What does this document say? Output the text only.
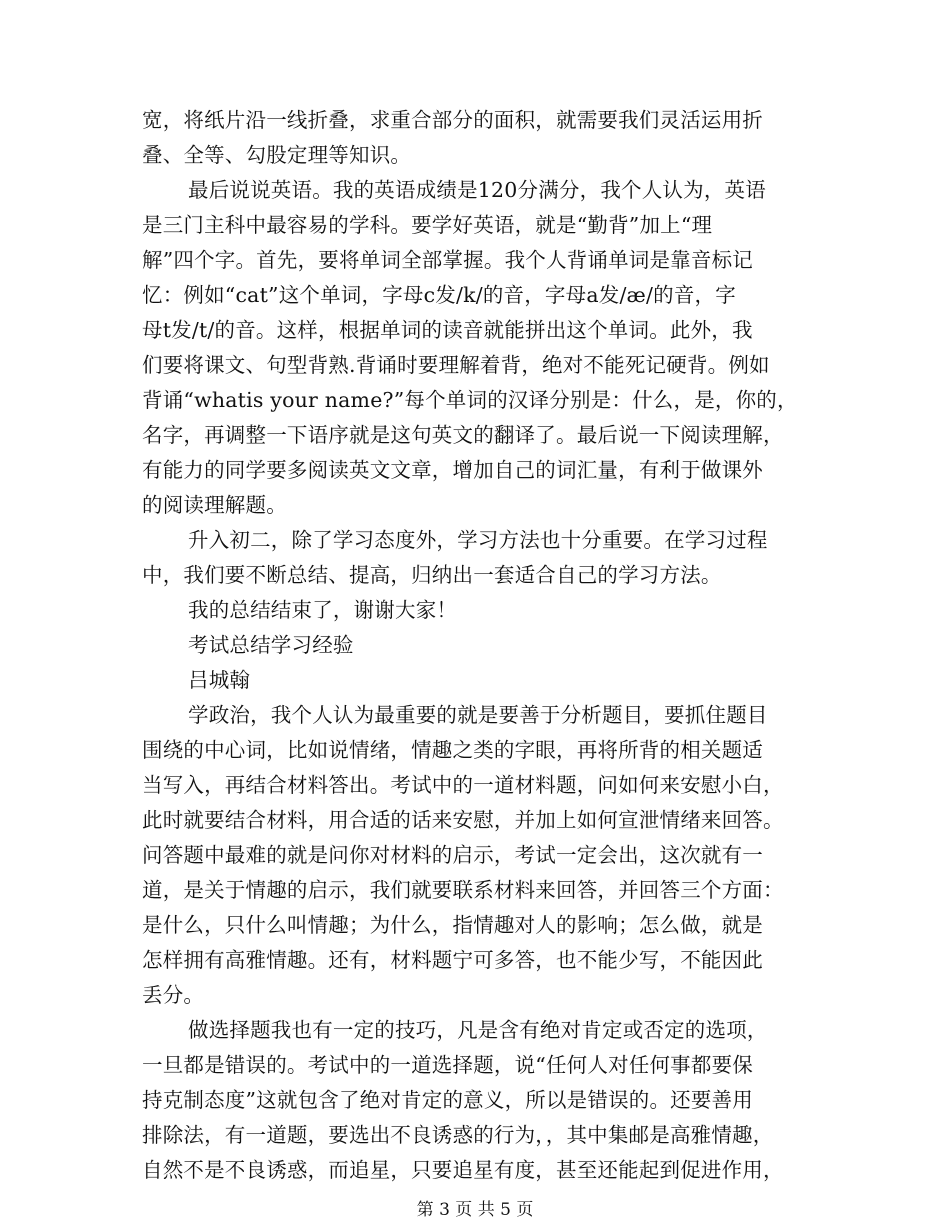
宽，将纸片沿一线折叠，求重合部分的面积，就需要我们灵活运用折
叠、全等、勾股定理等知识。
最后说说英语。我的英语成绩是120分满分，我个人认为，英语
是三门主科中最容易的学科。要学好英语，就是“勤背”加上“理
解”四个字。首先，要将单词全部掌握。我个人背诵单词是靠音标记
忆：例如“cat”这个单词，字母c发/k/的音，字母a发/æ/的音，字
母t发/t/的音。这样，根据单词的读音就能拼出这个单词。此外，我
们要将课文、句型背熟.背诵时要理解着背，绝对不能死记硬背。例如
背诵“whatis your name?”每个单词的汉译分别是：什么，是，你的，
名字，再调整一下语序就是这句英文的翻译了。最后说一下阅读理解，
有能力的同学要多阅读英文文章，增加自己的词汇量，有利于做课外
的阅读理解题。
升入初二，除了学习态度外，学习方法也十分重要。在学习过程
中，我们要不断总结、提高，归纳出一套适合自己的学习方法。
我的总结结束了，谢谢大家！
考试总结学习经验
吕城翰
学政治，我个人认为最重要的就是要善于分析题目，要抓住题目
围绕的中心词，比如说情绪，情趣之类的字眼，再将所背的相关题适
当写入，再结合材料答出。考试中的一道材料题，问如何来安慰小白，
此时就要结合材料，用合适的话来安慰，并加上如何宣泄情绪来回答。
问答题中最难的就是问你对材料的启示，考试一定会出，这次就有一
道，是关于情趣的启示，我们就要联系材料来回答，并回答三个方面：
是什么，只什么叫情趣；为什么，指情趣对人的影响；怎么做，就是
怎样拥有高雅情趣。还有，材料题宁可多答，也不能少写，不能因此
丢分。
做选择题我也有一定的技巧，凡是含有绝对肯定或否定的选项，
一旦都是错误的。考试中的一道选择题，说“任何人对任何事都要保
持克制态度”这就包含了绝对肯定的意义，所以是错误的。还要善用
排除法，有一道题，要选出不良诱惑的行为，，其中集邮是高雅情趣，
自然不是不良诱惑，而追星，只要追星有度，甚至还能起到促进作用，
第 3 页 共 5 页
